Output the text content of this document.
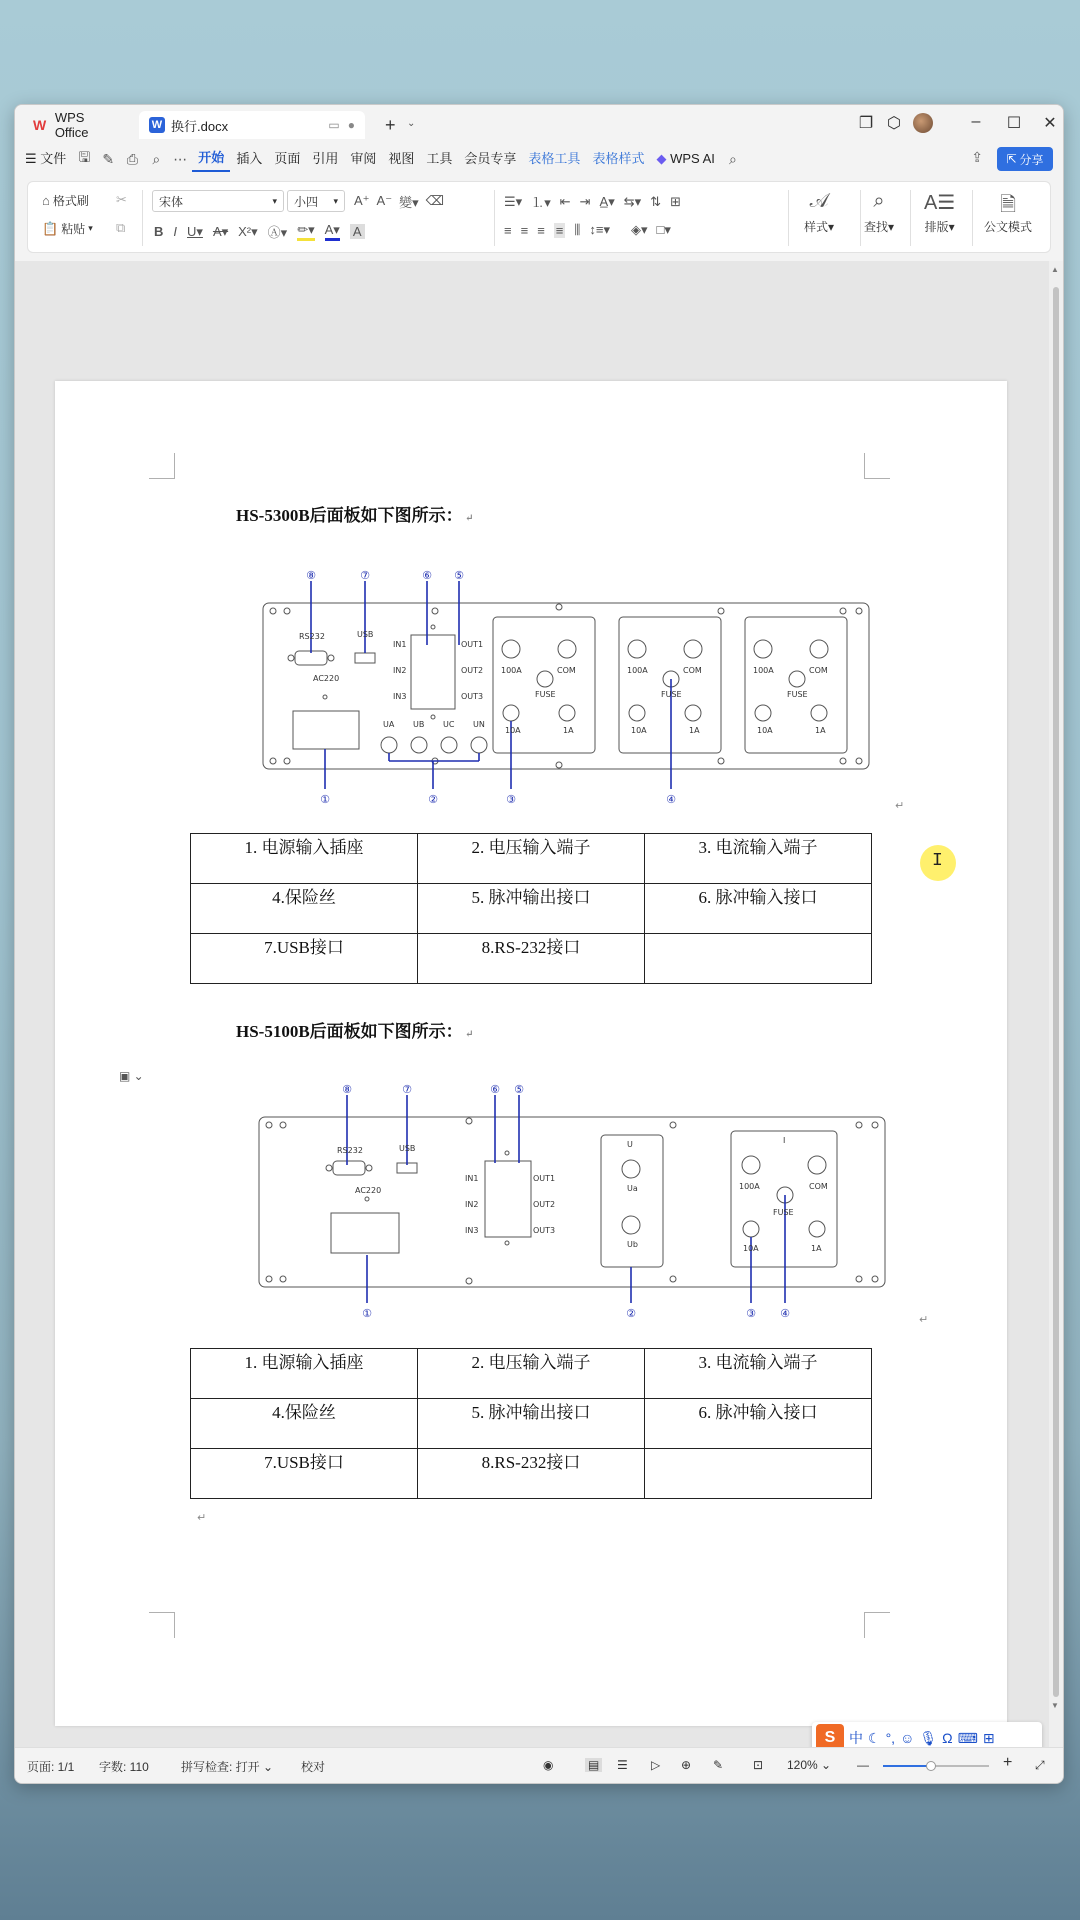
W WPS Office	W 换行.docx	▭ ● + ⌄	❐ ⬡	–	☐ ✕
☰ 文件 🖫 ✎ ⎙	⌕ ⋯ 开始 插入 页面 引用 审阅 视图 工具 会员专享 表格工具 表格样式 ◆ WPS AI	⌕	⇪ ⇱ 分享
⌂ 格式刷 ✂
📋 粘贴 ▾ ⧉
宋体	▾ 小四 ▾ A⁺ A⁻ 變▾ ⌫
B I U▾ A▾ X²▾ Ⓐ▾ ✏▾ A▾ A
☰▾ ⒈▾ ⇤ ⇥ A̲▾ ⇆▾ ⇅ ⊞
≡ ≡ ≡ ≡ ⫼ ↕≡▾ ◈▾ □▾
𝒜
样式▾
⌕
查找▾
A☰
排版▾
🗎
公文模式
HS-5300B后面板如下图所示： ↵
RS232	USB
AC220
IN1
IN2
IN3
OUT1
OUT2
OUT3
UA UB UC UN
100A	COM
FUSE
10A	1A
100A	COM
FUSE
10A	1A
100A	COM
FUSE
10A	1A
⑧	⑦	⑥ ⑤
①	②	③	④	↵
1. 电源输入插座	2. 电压输入端子	3. 电流输入端子
4.保险丝	5. 脉冲输出接口	6. 脉冲输入接口
7.USB接口	8.RS-232接口	
HS-5100B后面板如下图所示： ↵
RS232	USB
AC220
IN1
IN2
IN3
OUT1
OUT2
OUT3
U
Ua
Ub
I
100A	COM
FUSE
10A	1A
⑧	⑦	⑥ ⑤
①	②	③ ④	↵
1. 电源输入插座	2. 电压输入端子	3. 电流输入端子
4.保险丝	5. 脉冲输出接口	6. 脉冲输入接口
7.USB接口	8.RS-232接口	
↵
▣ ⌄
I
▲
▼
S 中 ☾ °, ☺ 🎙 Ω ⌨ ⊞
页面: 1/1 字数: 110	拼写检查: 打开 ⌄ 校对	◉	▤ ☰ ▷ ⊕ ✎ ⊡ 120% ⌄ —	+ ⤢
